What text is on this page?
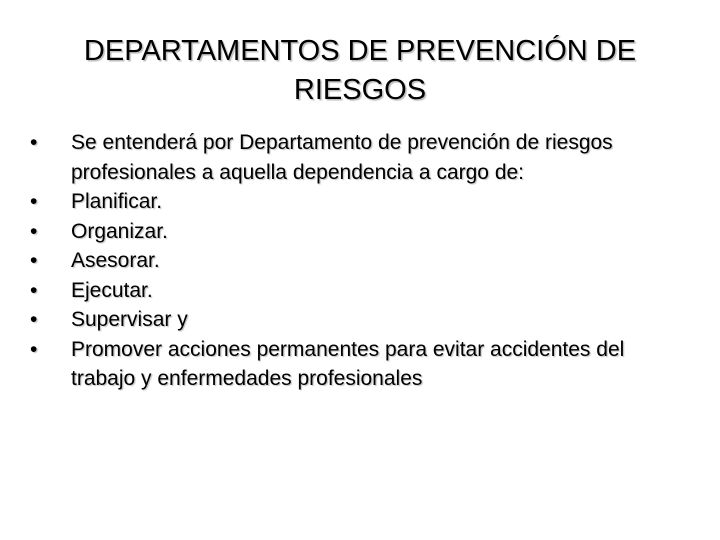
DEPARTAMENTOS DE PREVENCIÓN DE
RIESGOS
•	Se entenderá por Departamento de prevención de riesgos profesionales a aquella dependencia a cargo de:
•	Planificar.
•	Organizar.
•	Asesorar.
•	Ejecutar.
•	Supervisar y
•	Promover acciones permanentes para evitar accidentes del trabajo y enfermedades profesionales
